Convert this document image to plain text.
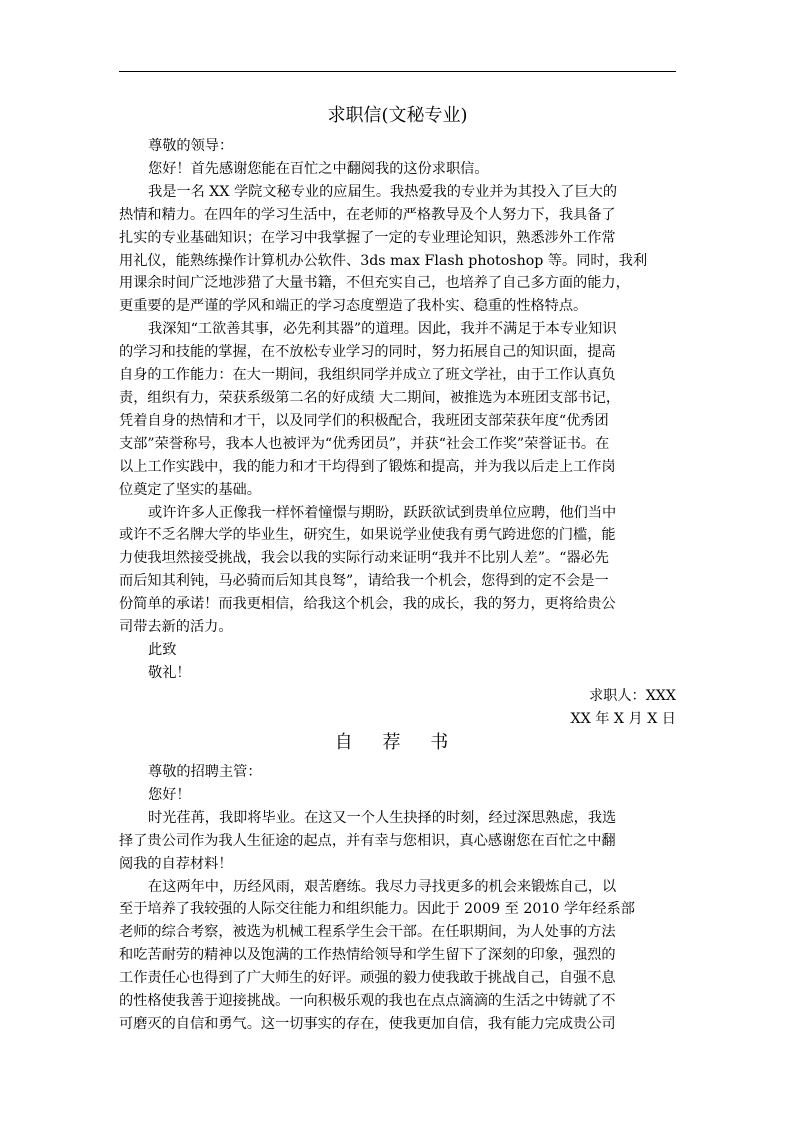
求职信(文秘专业)

尊敬的领导：

您好！首先感谢您能在百忙之中翻阅我的这份求职信。

我是一名 XX 学院文秘专业的应届生。我热爱我的专业并为其投入了巨大的

热情和精力。在四年的学习生活中，在老师的严格教导及个人努力下，我具备了

扎实的专业基础知识；在学习中我掌握了一定的专业理论知识，熟悉涉外工作常

用礼仪，能熟练操作计算机办公软件、3ds max Flash photoshop 等。同时，我利

用课余时间广泛地涉猎了大量书籍，不但充实自己，也培养了自己多方面的能力，

更重要的是严谨的学风和端正的学习态度塑造了我朴实、稳重的性格特点。

我深知“工欲善其事，必先利其器”的道理。因此，我并不满足于本专业知识

的学习和技能的掌握，在不放松专业学习的同时，努力拓展自己的知识面，提高

自身的工作能力：在大一期间，我组织同学并成立了班文学社，由于工作认真负

责，组织有力，荣获系级第二名的好成绩 大二期间，被推选为本班团支部书记，

凭着自身的热情和才干，以及同学们的积极配合，我班团支部荣获年度“优秀团

支部”荣誉称号，我本人也被评为“优秀团员”，并获“社会工作奖”荣誉证书。在

以上工作实践中，我的能力和才干均得到了锻炼和提高，并为我以后走上工作岗

位奠定了坚实的基础。

或许许多人正像我一样怀着憧憬与期盼，跃跃欲试到贵单位应聘，他们当中

或许不乏名牌大学的毕业生，研究生，如果说学业使我有勇气跨进您的门槛，能

力使我坦然接受挑战，我会以我的实际行动来证明“我并不比别人差”。“器必先

而后知其利钝，马必骑而后知其良驽”，请给我一个机会，您得到的定不会是一

份简单的承诺！而我更相信，给我这个机会，我的成长，我的努力，更将给贵公

司带去新的活力。

此致

敬礼！

求职人：XXX

XX 年 X 月 X 日

自 荐 书

尊敬的招聘主管：

您好！

时光荏苒，我即将毕业。在这又一个人生抉择的时刻，经过深思熟虑，我选

择了贵公司作为我人生征途的起点，并有幸与您相识，真心感谢您在百忙之中翻

阅我的自荐材料！

在这两年中，历经风雨，艰苦磨练。我尽力寻找更多的机会来锻炼自己，以

至于培养了我较强的人际交往能力和组织能力。因此于 2009 至 2010 学年经系部

老师的综合考察，被选为机械工程系学生会干部。在任职期间，为人处事的方法

和吃苦耐劳的精神以及饱满的工作热情给领导和学生留下了深刻的印象，强烈的

工作责任心也得到了广大师生的好评。顽强的毅力使我敢于挑战自己，自强不息

的性格使我善于迎接挑战。一向积极乐观的我也在点点滴滴的生活之中铸就了不

可磨灭的自信和勇气。这一切事实的存在，使我更加自信，我有能力完成贵公司
